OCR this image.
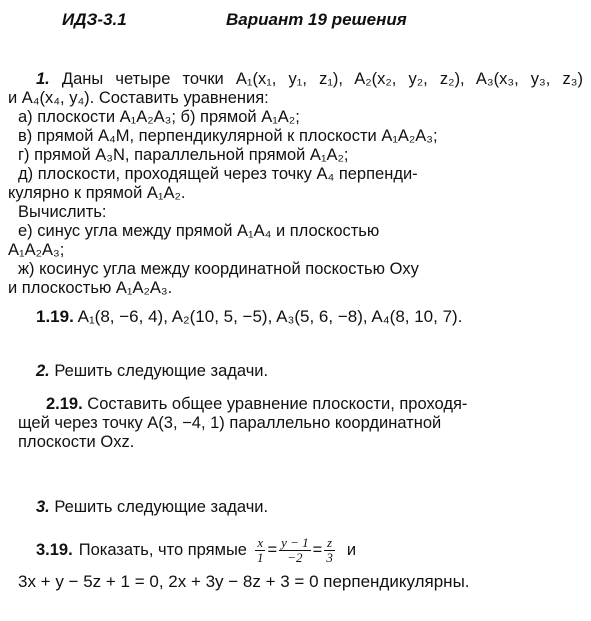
ИДЗ-3.1	Вариант 19 решения
1. Даны четыре точки A₁(x₁, y₁, z₁), A₂(x₂, y₂, z₂), A₃(x₃, y₃, z₃)
и A₄(x₄, y₄). Составить уравнения:
а) плоскости A₁A₂A₃; б) прямой A₁A₂;
в) прямой A₄M, перпендикулярной к плоскости A₁A₂A₃;
г) прямой A₃N, параллельной прямой A₁A₂;
д) плоскости, проходящей через точку A₄ перпенди-
кулярно к прямой A₁A₂.
Вычислить:
е) синус угла между прямой A₁A₄ и плоскостью
A₁A₂A₃;
ж) косинус угла между координатной поскостью Oxy
и плоскостью A₁A₂A₃.
1.19. A₁(8, −6, 4), A₂(10, 5, −5), A₃(5, 6, −8), A₄(8, 10, 7).
2. Решить следующие задачи.
2.19. Составить общее уравнение плоскости, проходя-
щей через точку A(3, −4, 1) параллельно координатной
плоскости Oxz.
3. Решить следующие задачи.
3.19. Показать, что прямые $\frac{x}{1} = \frac{y - 1}{-2} = \frac{z}{3}$ и
3x + y − 5z + 1 = 0, 2x + 3y − 8z + 3 = 0 перпендикулярны.
